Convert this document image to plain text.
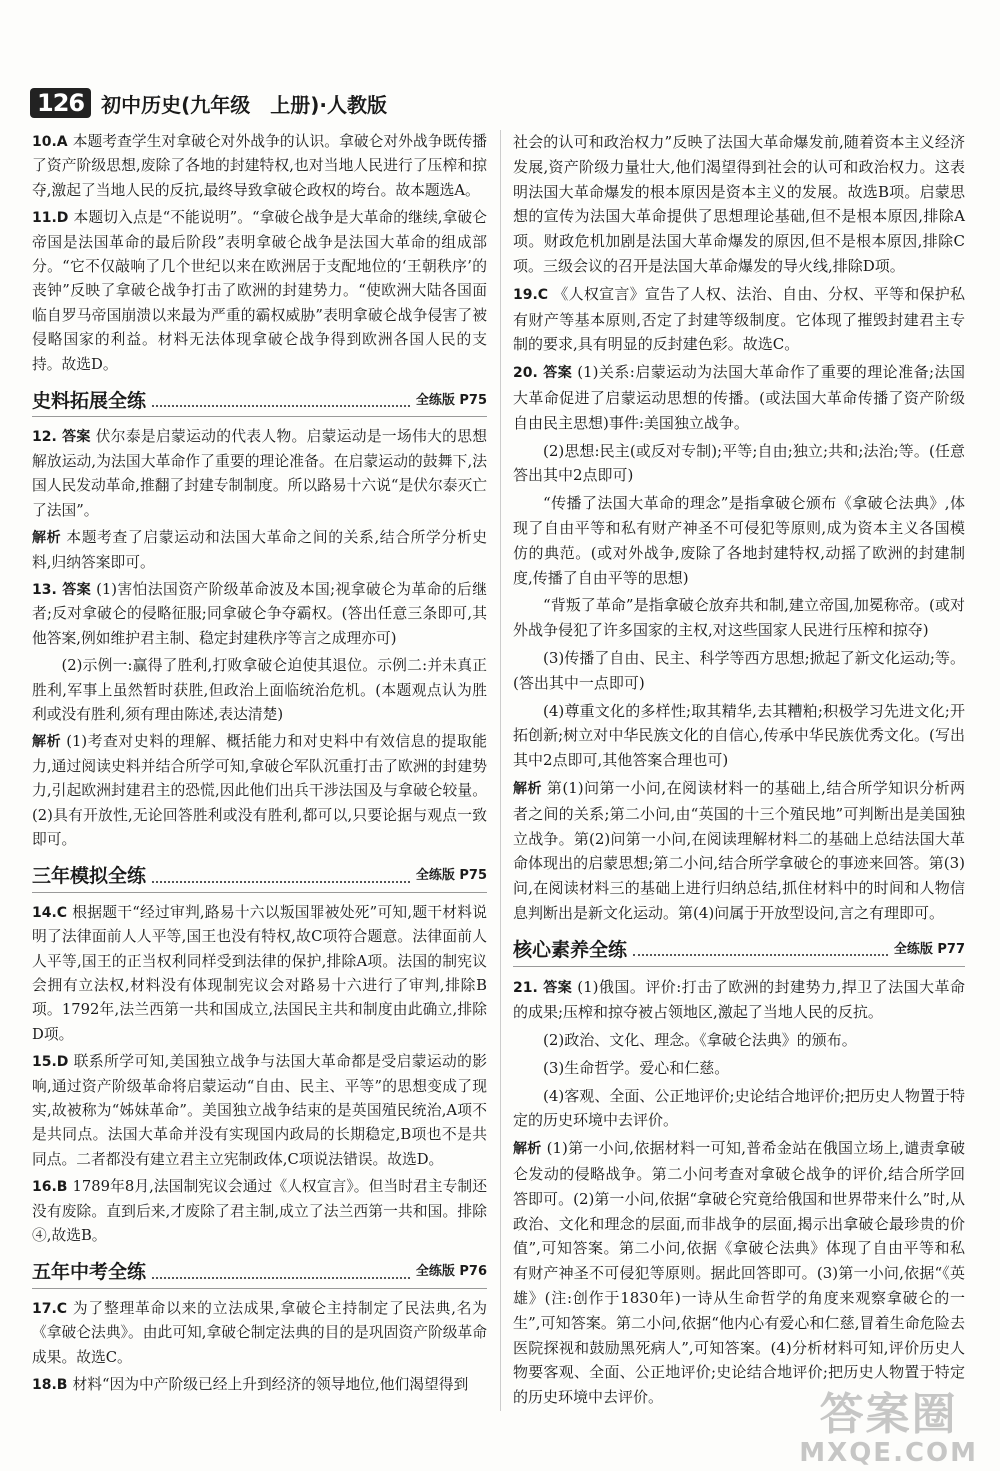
126 初中历史(九年级　上册)·人教版

10.A 本题考查学生对拿破仑对外战争的认识。拿破仑对外战争既传播了资产阶级思想,废除了各地的封建特权,也对当地人民进行了压榨和掠夺,激起了当地人民的反抗,最终导致拿破仑政权的垮台。故本题选A。

11.D 本题切入点是“不能说明”。“拿破仑战争是大革命的继续,拿破仑帝国是法国革命的最后阶段”表明拿破仑战争是法国大革命的组成部分。“它不仅敲响了几个世纪以来在欧洲居于支配地位的‘王朝秩序’的丧钟”反映了拿破仑战争打击了欧洲的封建势力。“使欧洲大陆各国面临自罗马帝国崩溃以来最为严重的霸权威胁”表明拿破仑战争侵害了被侵略国家的利益。材料无法体现拿破仑战争得到欧洲各国人民的支持。故选D。

史料拓展全练	全练版 P75

12. 答案 伏尔泰是启蒙运动的代表人物。启蒙运动是一场伟大的思想解放运动,为法国大革命作了重要的理论准备。在启蒙运动的鼓舞下,法国人民发动革命,推翻了封建专制制度。所以路易十六说“是伏尔泰灭亡了法国”。

解析 本题考查了启蒙运动和法国大革命之间的关系,结合所学分析史料,归纳答案即可。

13. 答案 (1)害怕法国资产阶级革命波及本国;视拿破仑为革命的后继者;反对拿破仑的侵略征服;同拿破仑争夺霸权。(答出任意三条即可,其他答案,例如维护君主制、稳定封建秩序等言之成理亦可)

(2)示例一:赢得了胜利,打败拿破仑迫使其退位。示例二:并未真正胜利,军事上虽然暂时获胜,但政治上面临统治危机。(本题观点认为胜利或没有胜利,须有理由陈述,表达清楚)

解析 (1)考查对史料的理解、概括能力和对史料中有效信息的提取能力,通过阅读史料并结合所学可知,拿破仑军队沉重打击了欧洲的封建势力,引起欧洲封建君主的恐慌,因此他们出兵干涉法国及与拿破仑较量。(2)具有开放性,无论回答胜利或没有胜利,都可以,只要论据与观点一致即可。

三年模拟全练	全练版 P75

14.C 根据题干“经过审判,路易十六以叛国罪被处死”可知,题干材料说明了法律面前人人平等,国王也没有特权,故C项符合题意。法律面前人人平等,国王的正当权利同样受到法律的保护,排除A项。法国的制宪议会拥有立法权,材料没有体现制宪议会对路易十六进行了审判,排除B项。1792年,法兰西第一共和国成立,法国民主共和制度由此确立,排除D项。

15.D 联系所学可知,美国独立战争与法国大革命都是受启蒙运动的影响,通过资产阶级革命将启蒙运动“自由、民主、平等”的思想变成了现实,故被称为“姊妹革命”。美国独立战争结束的是英国殖民统治,A项不是共同点。法国大革命并没有实现国内政局的长期稳定,B项也不是共同点。二者都没有建立君主立宪制政体,C项说法错误。故选D。

16.B 1789年8月,法国制宪议会通过《人权宣言》。但当时君主专制还没有废除。直到后来,才废除了君主制,成立了法兰西第一共和国。排除④,故选B。

五年中考全练	全练版 P76

17.C 为了整理革命以来的立法成果,拿破仑主持制定了民法典,名为《拿破仑法典》。由此可知,拿破仑制定法典的目的是巩固资产阶级革命成果。故选C。

18.B 材料“因为中产阶级已经上升到经济的领导地位,他们渴望得到

社会的认可和政治权力”反映了法国大革命爆发前,随着资本主义经济发展,资产阶级力量壮大,他们渴望得到社会的认可和政治权力。这表明法国大革命爆发的根本原因是资本主义的发展。故选B项。启蒙思想的宣传为法国大革命提供了思想理论基础,但不是根本原因,排除A项。财政危机加剧是法国大革命爆发的原因,但不是根本原因,排除C项。三级会议的召开是法国大革命爆发的导火线,排除D项。

19.C 《人权宣言》宣告了人权、法治、自由、分权、平等和保护私有财产等基本原则,否定了封建等级制度。它体现了摧毁封建君主专制的要求,具有明显的反封建色彩。故选C。

20. 答案 (1)关系:启蒙运动为法国大革命作了重要的理论准备;法国大革命促进了启蒙运动思想的传播。(或法国大革命传播了资产阶级自由民主思想)事件:美国独立战争。

(2)思想:民主(或反对专制);平等;自由;独立;共和;法治;等。(任意答出其中2点即可)

“传播了法国大革命的理念”是指拿破仑颁布《拿破仑法典》,体现了自由平等和私有财产神圣不可侵犯等原则,成为资本主义各国模仿的典范。(或对外战争,废除了各地封建特权,动摇了欧洲的封建制度,传播了自由平等的思想)

“背叛了革命”是指拿破仑放弃共和制,建立帝国,加冕称帝。(或对外战争侵犯了许多国家的主权,对这些国家人民进行压榨和掠夺)

(3)传播了自由、民主、科学等西方思想;掀起了新文化运动;等。(答出其中一点即可)

(4)尊重文化的多样性;取其精华,去其糟粕;积极学习先进文化;开拓创新;树立对中华民族文化的自信心,传承中华民族优秀文化。(写出其中2点即可,其他答案合理也可)

解析 第(1)问第一小问,在阅读材料一的基础上,结合所学知识分析两者之间的关系;第二小问,由“英国的十三个殖民地”可判断出是美国独立战争。第(2)问第一小问,在阅读理解材料二的基础上总结法国大革命体现出的启蒙思想;第二小问,结合所学拿破仑的事迹来回答。第(3)问,在阅读材料三的基础上进行归纳总结,抓住材料中的时间和人物信息判断出是新文化运动。第(4)问属于开放型设问,言之有理即可。

核心素养全练	全练版 P77

21. 答案 (1)俄国。评价:打击了欧洲的封建势力,捍卫了法国大革命的成果;压榨和掠夺被占领地区,激起了当地人民的反抗。

(2)政治、文化、理念。《拿破仑法典》的颁布。

(3)生命哲学。爱心和仁慈。

(4)客观、全面、公正地评价;史论结合地评价;把历史人物置于特定的历史环境中去评价。

解析 (1)第一小问,依据材料一可知,普希金站在俄国立场上,谴责拿破仑发动的侵略战争。第二小问考查对拿破仑战争的评价,结合所学回答即可。(2)第一小问,依据“拿破仑究竟给俄国和世界带来什么”时,从政治、文化和理念的层面,而非战争的层面,揭示出拿破仑最珍贵的价值”,可知答案。第二小问,依据《拿破仑法典》体现了自由平等和私有财产神圣不可侵犯等原则。据此回答即可。(3)第一小问,依据“《英雄》(注:创作于1830年)一诗从生命哲学的角度来观察拿破仑的一生”,可知答案。第二小问,依据“他内心有爱心和仁慈,冒着生命危险去医院探视和鼓励黑死病人”,可知答案。(4)分析材料可知,评价历史人物要客观、全面、公正地评价;史论结合地评价;把历史人物置于特定的历史环境中去评价。	答案圈
MXQE.COM
